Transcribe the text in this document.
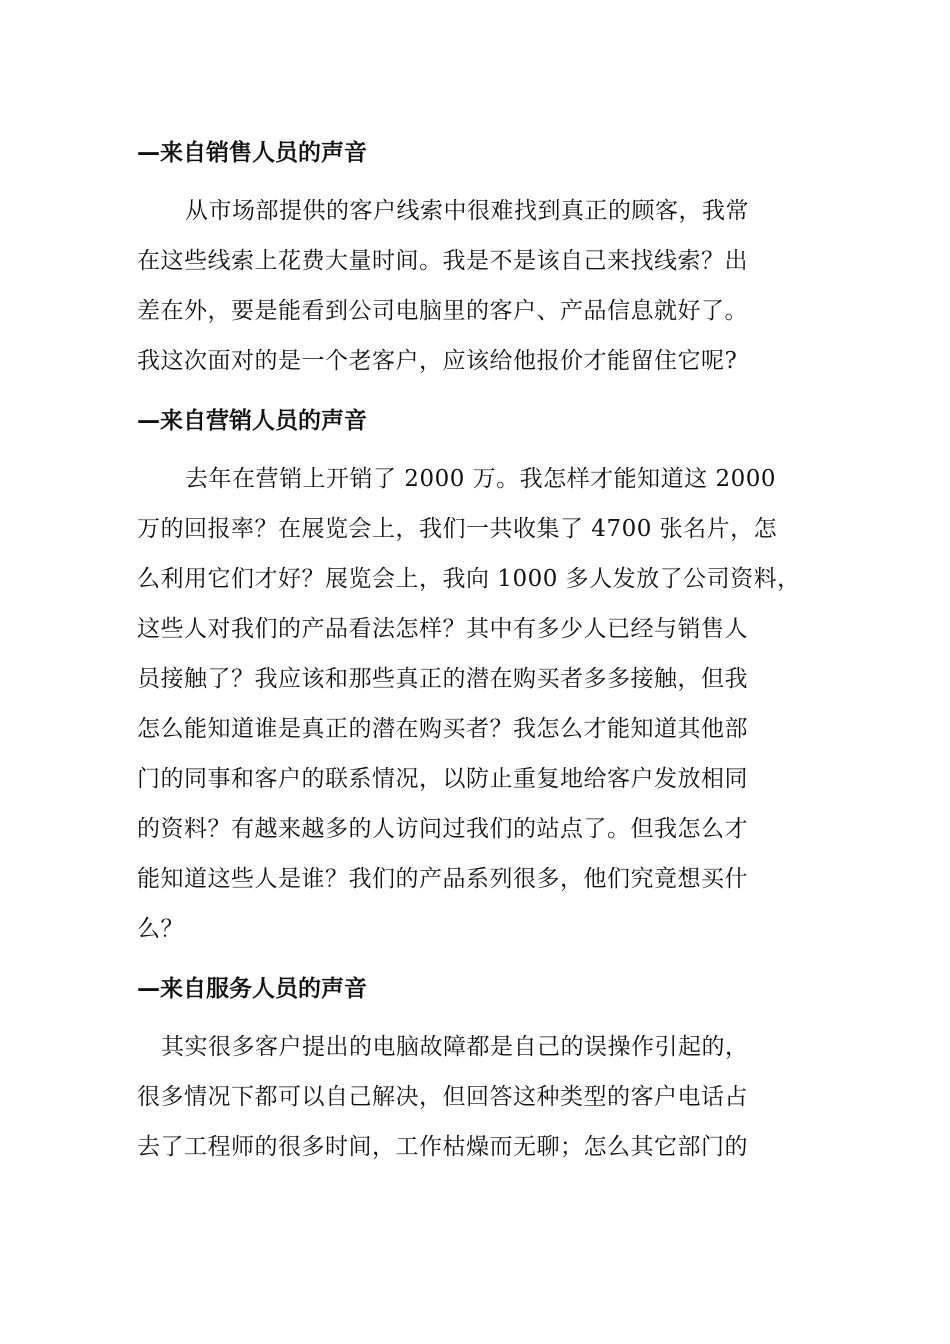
—来自销售人员的声音

从市场部提供的客户线索中很难找到真正的顾客，我常
在这些线索上花费大量时间。我是不是该自己来找线索？出
差在外，要是能看到公司电脑里的客户、产品信息就好了。
我这次面对的是一个老客户，应该给他报价才能留住它呢?

—来自营销人员的声音

去年在营销上开销了 2000 万。我怎样才能知道这 2000
万的回报率？在展览会上，我们一共收集了 4700 张名片，怎
么利用它们才好？展览会上，我向 1000 多人发放了公司资料，
这些人对我们的产品看法怎样？其中有多少人已经与销售人
员接触了？我应该和那些真正的潜在购买者多多接触，但我
怎么能知道谁是真正的潜在购买者？我怎么才能知道其他部
门的同事和客户的联系情况，以防止重复地给客户发放相同
的资料？有越来越多的人访问过我们的站点了。但我怎么才
能知道这些人是谁？我们的产品系列很多，他们究竟想买什
么？

—来自服务人员的声音

其实很多客户提出的电脑故障都是自己的误操作引起的，
很多情况下都可以自己解决，但回答这种类型的客户电话占
去了工程师的很多时间，工作枯燥而无聊；怎么其它部门的
